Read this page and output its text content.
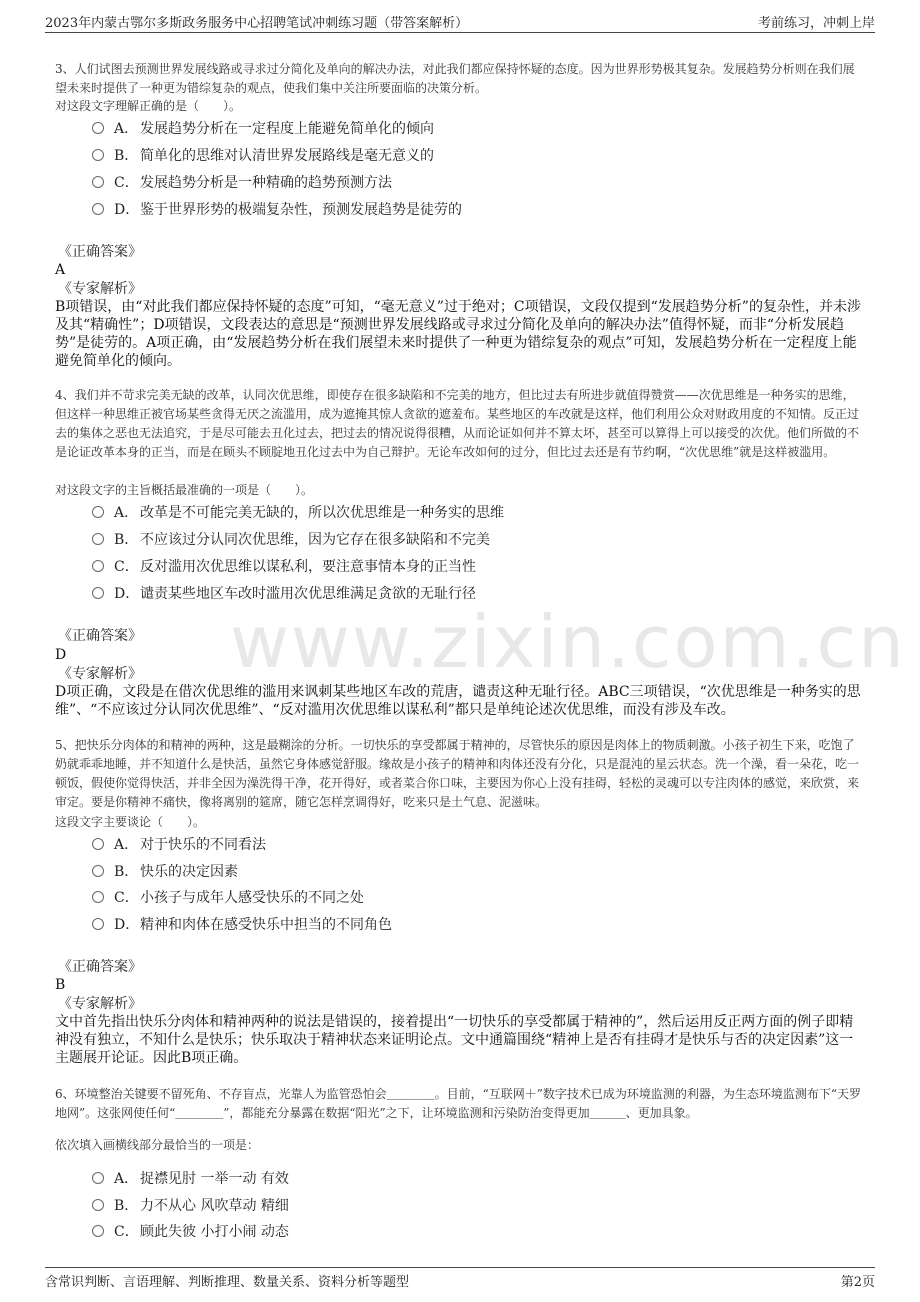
2023年内蒙古鄂尔多斯政务服务中心招聘笔试冲刺练习题（带答案解析）	考前练习，冲刺上岸
www.zixin.com.cn

3、人们试图去预测世界发展线路或寻求过分简化及单向的解决办法，对此我们都应保持怀疑的态度。因为世界形势极其复杂。发展趋势分析则在我们展望未来时提供了一种更为错综复杂的观点，使我们集中关注所要面临的决策分析。

对这段文字理解正确的是（　　）。

A． 发展趋势分析在一定程度上能避免简单化的倾向
B． 简单化的思维对认清世界发展路线是毫无意义的
C．发展趋势分析是一种精确的趋势预测方法
D．鉴于世界形势的极端复杂性，预测发展趋势是徒劳的
《正确答案》
A
《专家解析》

B项错误，由“对此我们都应保持怀疑的态度”可知，“毫无意义”过于绝对；C项错误，文段仅提到“发展趋势分析”的复杂性，并未涉及其“精确性”；D项错误，文段表达的意思是“预测世界发展线路或寻求过分简化及单向的解决办法”值得怀疑，而非“分析发展趋势”是徒劳的。A项正确，由“发展趋势分析在我们展望未来时提供了一种更为错综复杂的观点”可知，发展趋势分析在一定程度上能避免简单化的倾向。

4、我们并不苛求完美无缺的改革，认同次优思维，即使存在很多缺陷和不完美的地方，但比过去有所进步就值得赞赏——次优思维是一种务实的思维，但这样一种思维正被官场某些贪得无厌之流滥用，成为遮掩其惊人贪欲的遮羞布。某些地区的车改就是这样，他们利用公众对财政用度的不知情。反正过去的集体之恶也无法追究，于是尽可能去丑化过去，把过去的情况说得很糟，从而论证如何并不算太坏，甚至可以算得上可以接受的次优。他们所做的不是论证改革本身的正当，而是在顾头不顾腚地丑化过去中为自己辩护。无论车改如何的过分，但比过去还是有节约啊，“次优思维”就是这样被滥用。

对这段文字的主旨概括最准确的一项是（　　）。

A． 改革是不可能完美无缺的，所以次优思维是一种务实的思维
B． 不应该过分认同次优思维，因为它存在很多缺陷和不完美
C．反对滥用次优思维以谋私利，要注意事情本身的正当性
D．谴责某些地区车改时滥用次优思维满足贪欲的无耻行径
《正确答案》
D
《专家解析》

D项正确，文段是在借次优思维的滥用来讽刺某些地区车改的荒唐，谴责这种无耻行径。ABC三项错误，“次优思维是一种务实的思维”、“不应该过分认同次优思维”、“反对滥用次优思维以谋私利”都只是单纯论述次优思维，而没有涉及车改。

5、把快乐分肉体的和精神的两种，这是最糊涂的分析。一切快乐的享受都属于精神的，尽管快乐的原因是肉体上的物质刺激。小孩子初生下来，吃饱了奶就乖乖地睡，并不知道什么是快活，虽然它身体感觉舒服。缘故是小孩子的精神和肉体还没有分化，只是混沌的星云状态。洗一个澡，看一朵花，吃一顿饭，假使你觉得快活，并非全因为澡洗得干净，花开得好，或者菜合你口味，主要因为你心上没有挂碍，轻松的灵魂可以专注肉体的感觉，来欣赏，来审定。要是你精神不痛快，像将离别的筵席，随它怎样烹调得好，吃来只是土气息、泥滋味。

这段文字主要谈论（　　）。

A． 对于快乐的不同看法
B． 快乐的决定因素
C．小孩子与成年人感受快乐的不同之处
D．精神和肉体在感受快乐中担当的不同角色
《正确答案》
B
《专家解析》

文中首先指出快乐分肉体和精神两种的说法是错误的，接着提出“一切快乐的享受都属于精神的”，然后运用反正两方面的例子即精神没有独立，不知什么是快乐；快乐取决于精神状态来证明论点。文中通篇围绕“精神上是否有挂碍才是快乐与否的决定因素”这一主题展开论证。因此B项正确。

6、环境整治关键要不留死角、不存盲点，光靠人为监管恐怕会＿＿＿＿。目前，“互联网＋”数字技术已成为环境监测的利器，为生态环境监测布下“天罗地网”。这张网使任何“＿＿＿＿”，都能充分暴露在数据“阳光”之下，让环境监测和污染防治变得更加＿＿＿、更加具象。

依次填入画横线部分最恰当的一项是：

A． 捉襟见肘 一举一动 有效
B． 力不从心 风吹草动 精细
C．顾此失彼 小打小闹 动态
含常识判断、言语理解、判断推理、数量关系、资料分析等题型	第2页
